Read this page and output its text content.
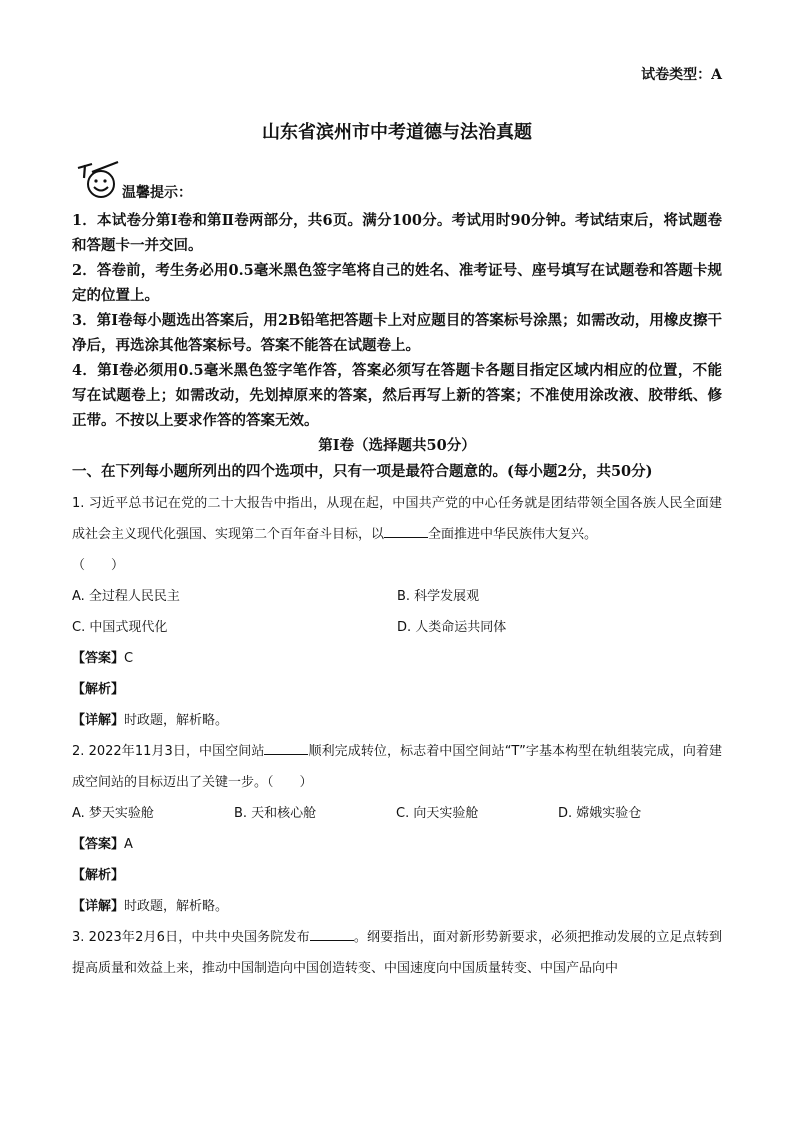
试卷类型：A
山东省滨州市中考道德与法治真题
温馨提示：

1．本试卷分第Ⅰ卷和第Ⅱ卷两部分，共6页。满分100分。考试用时90分钟。考试结束后，将试题卷和答题卡一并交回。

2．答卷前，考生务必用0.5毫米黑色签字笔将自己的姓名、准考证号、座号填写在试题卷和答题卡规定的位置上。

3．第Ⅰ卷每小题选出答案后，用2B铅笔把答题卡上对应题目的答案标号涂黑；如需改动，用橡皮擦干净后，再选涂其他答案标号。答案不能答在试题卷上。

4．第Ⅰ卷必须用0.5毫米黑色签字笔作答，答案必须写在答题卡各题目指定区域内相应的位置，不能写在试题卷上；如需改动，先划掉原来的答案，然后再写上新的答案；不准使用涂改液、胶带纸、修正带。不按以上要求作答的答案无效。

第Ⅰ卷（选择题共50分）

一、在下列每小题所列出的四个选项中，只有一项是最符合题意的。(每小题2分，共50分)

1. 习近平总书记在党的二十大报告中指出，从现在起，中国共产党的中心任务就是团结带领全国各族人民全面建成社会主义现代化强国、实现第二个百年奋斗目标，以	全面推进中华民族伟大复兴。

（　　）

A. 全过程人民民主	B. 科学发展观
C. 中国式现代化	D. 人类命运共同体

【答案】C

【解析】

【详解】时政题，解析略。

2. 2022年11月3日，中国空间站	顺利完成转位，标志着中国空间站“T”字基本构型在轨组装完成，向着建成空间站的目标迈出了关键一步。（　　）

A. 梦天实验舱	B. 天和核心舱	C. 向天实验舱	D. 嫦娥实验仓

【答案】A

【解析】

【详解】时政题，解析略。

3. 2023年2月6日，中共中央国务院发布	。纲要指出，面对新形势新要求，必须把推动发展的立足点转到提高质量和效益上来，推动中国制造向中国创造转变、中国速度向中国质量转变、中国产品向中
